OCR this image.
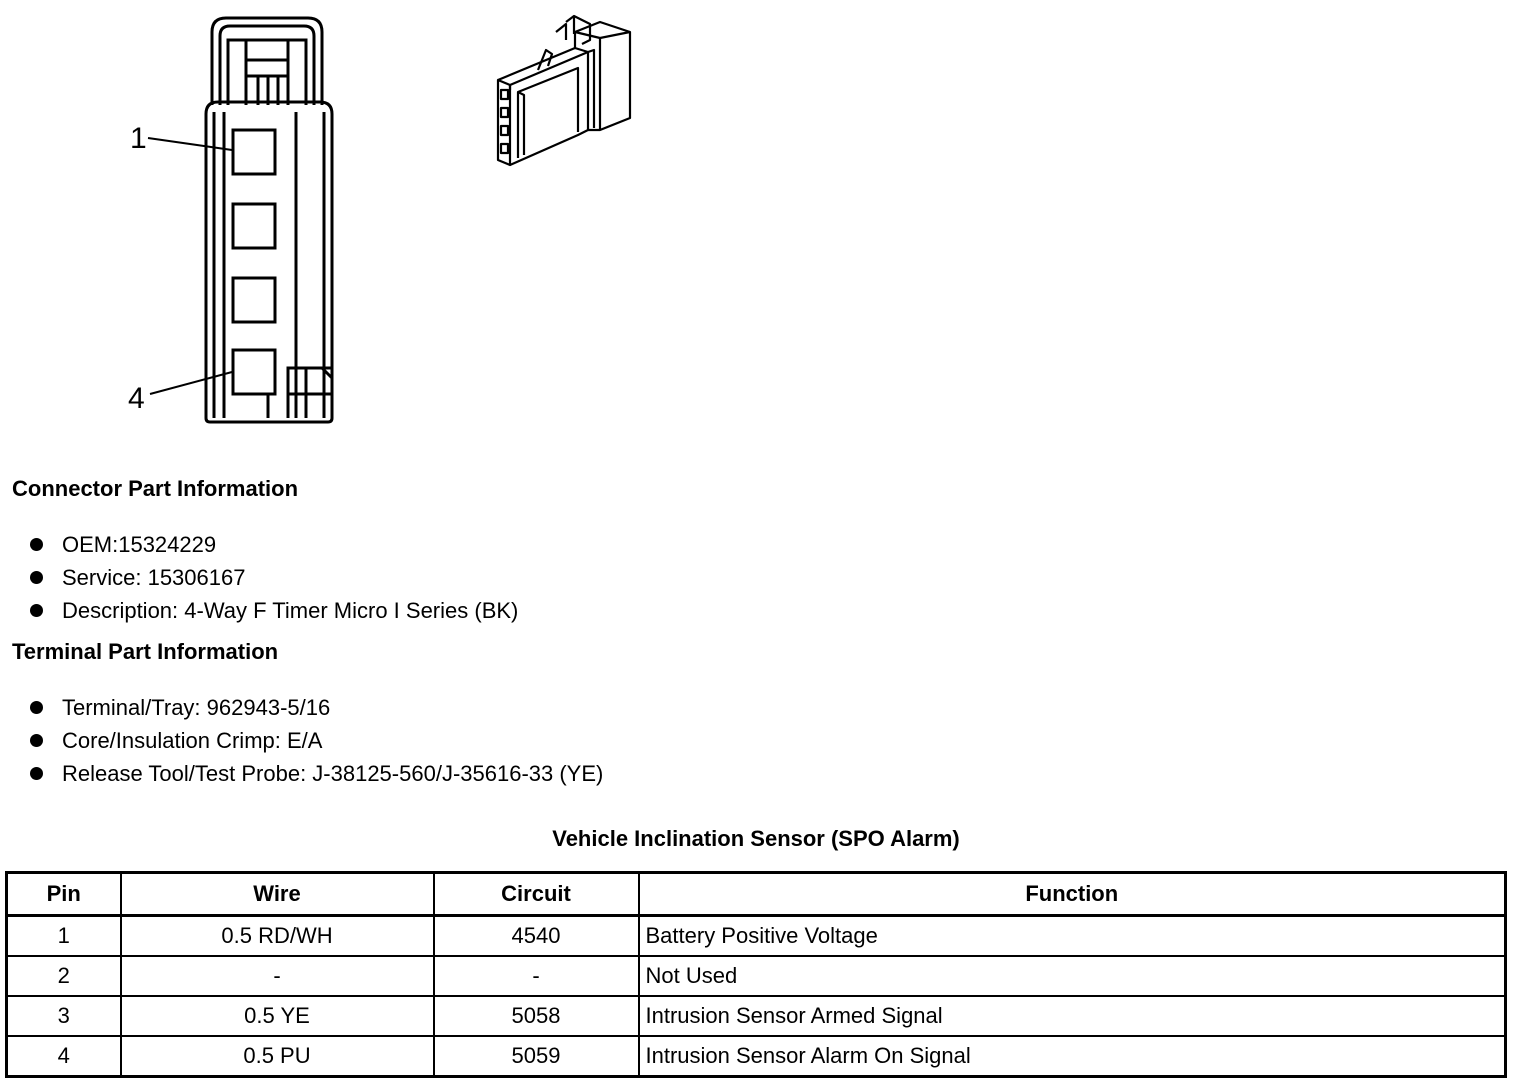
1
4
Connector Part Information
OEM:15324229
Service: 15306167
Description: 4-Way F Timer Micro I Series (BK)
Terminal Part Information
Terminal/Tray: 962943-5/16
Core/Insulation Crimp: E/A
Release Tool/Test Probe: J-38125-560/J-35616-33 (YE)
Vehicle Inclination Sensor (SPO Alarm)
Pin	Wire	Circuit	Function
1	0.5 RD/WH	4540	Battery Positive Voltage
2	-	-	Not Used
3	0.5 YE	5058	Intrusion Sensor Armed Signal
4	0.5 PU	5059	Intrusion Sensor Alarm On Signal
